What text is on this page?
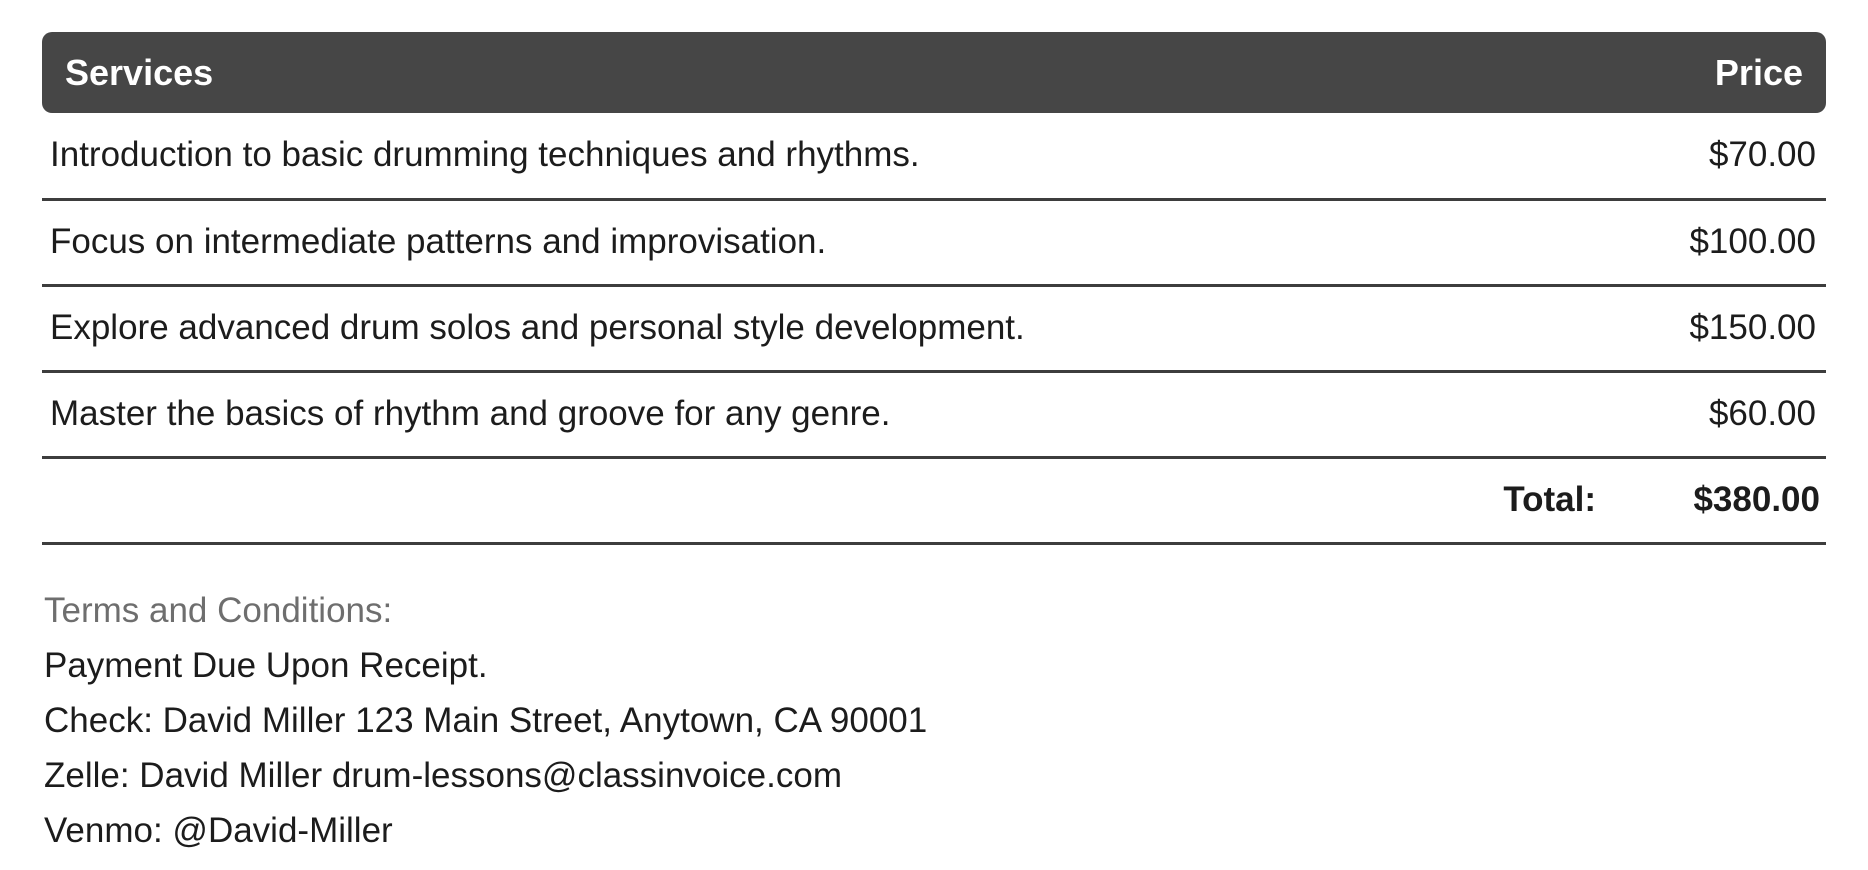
Services	Price
Introduction to basic drumming techniques and rhythms.	$70.00
Focus on intermediate patterns and improvisation.	$100.00
Explore advanced drum solos and personal style development.	$150.00
Master the basics of rhythm and groove for any genre.	$60.00
Total:	$380.00
Terms and Conditions:
Payment Due Upon Receipt.
Check: David Miller 123 Main Street, Anytown, CA 90001
Zelle: David Miller drum-lessons@classinvoice.com
Venmo: @David-Miller
